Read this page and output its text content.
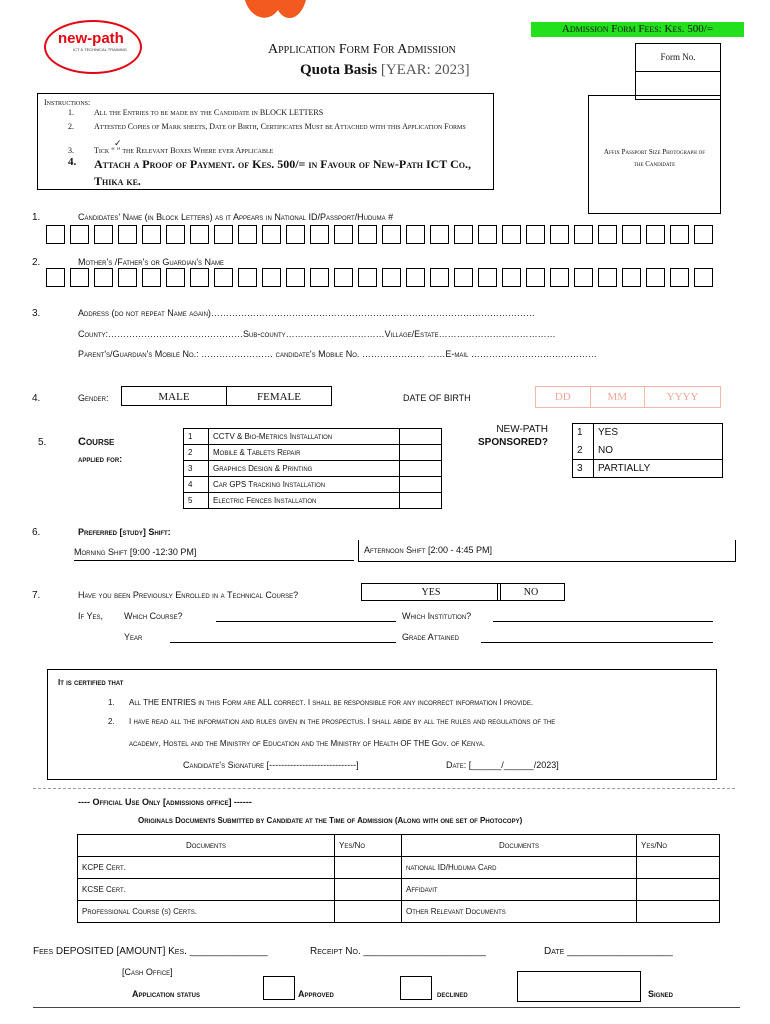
new-path
ICT & TECHNICAL TRAINING
Admission Form Fees: Kes. 500/=
Application Form For Admission
Quota Basis [YEAR: 2023]
Form No.
Instructions:
1.	All the Entries to be made by the Candidate in BLOCK LETTERS
2.	Attested Copies of Mark sheets, Date of Birth, Certificates Must be Attached with this Application Forms
3.	Tick “ ” the Relevant Boxes Where ever Applicable
✓
4. Attach a Proof of Payment. of Kes. 500/= in Favour of New-Path ICT Co., Thika ke.
Affix Passport Size Photograph of the Candidate
1.	Candidates' Name (in Block Letters) as it Appears in National ID/Passport/Huduma #
2.	Mother's /Father's or Guardian's Name
3.	Address (do not repeat Name again)………………………………………………………………………………………………
County:………………………………………Sub-county……………………………Village/Estate…………………………………
Parent's/Guardian's Mobile No.: …………………… candidate's Mobile No. ………………… ……E-mail ……………………………………
4.	Gender:	MALE	FEMALE	DATE OF BIRTH	DD	MM	YYYY
5.	Course
applied for:
1	CCTV & Bio-Metrics Installation	
2	Mobile & Tablets Repair	
3	Graphics Design & Printing	
4	Car GPS Tracking Installation	
5	Electric Fences Installation	
NEW-PATH
SPONSORED?
1	YES
2	NO
3	PARTIALLY
6.	Preferred [study] Shift:
Morning Shift [9:00 -12:30 PM]	Afternoon Shift [2:00 - 4:45 PM]
7.	Have you been Previously Enrolled in a Technical Course?	YES	NO
If Yes, Which Course?	Which Institution?
Year	Grade Attained
It is certified that
1. All THE ENTRIES in this Form are ALL correct. I shall be responsible for any incorrect information I provide.
2. I have read all the information and rules given in the prospectus. I shall abide by all the rules and regulations of the
academy, Hostel and the Ministry of Education and the Ministry of Health OF THE Gov. of Kenya.
Candidate's Signature [-----------------------------]	Date: [______/______/2023]
---- Official Use Only [admissions office] ------
Originals Documents Submitted by Candidate at the Time of Admission (Along with one set of Photocopy)
Documents	Yes/No	Documents	Yes/No
KCPE Cert.		national ID/Huduma Card	
KCSE Cert.		Affidavit	
Professional Course (s) Certs.		Other Relevant Documents	
Fees DEPOSITED [AMOUNT] Kes. ______________	Receipt No. ______________________	Date ___________________
[Cash Office]
Application status	Approved	declined	Signed
